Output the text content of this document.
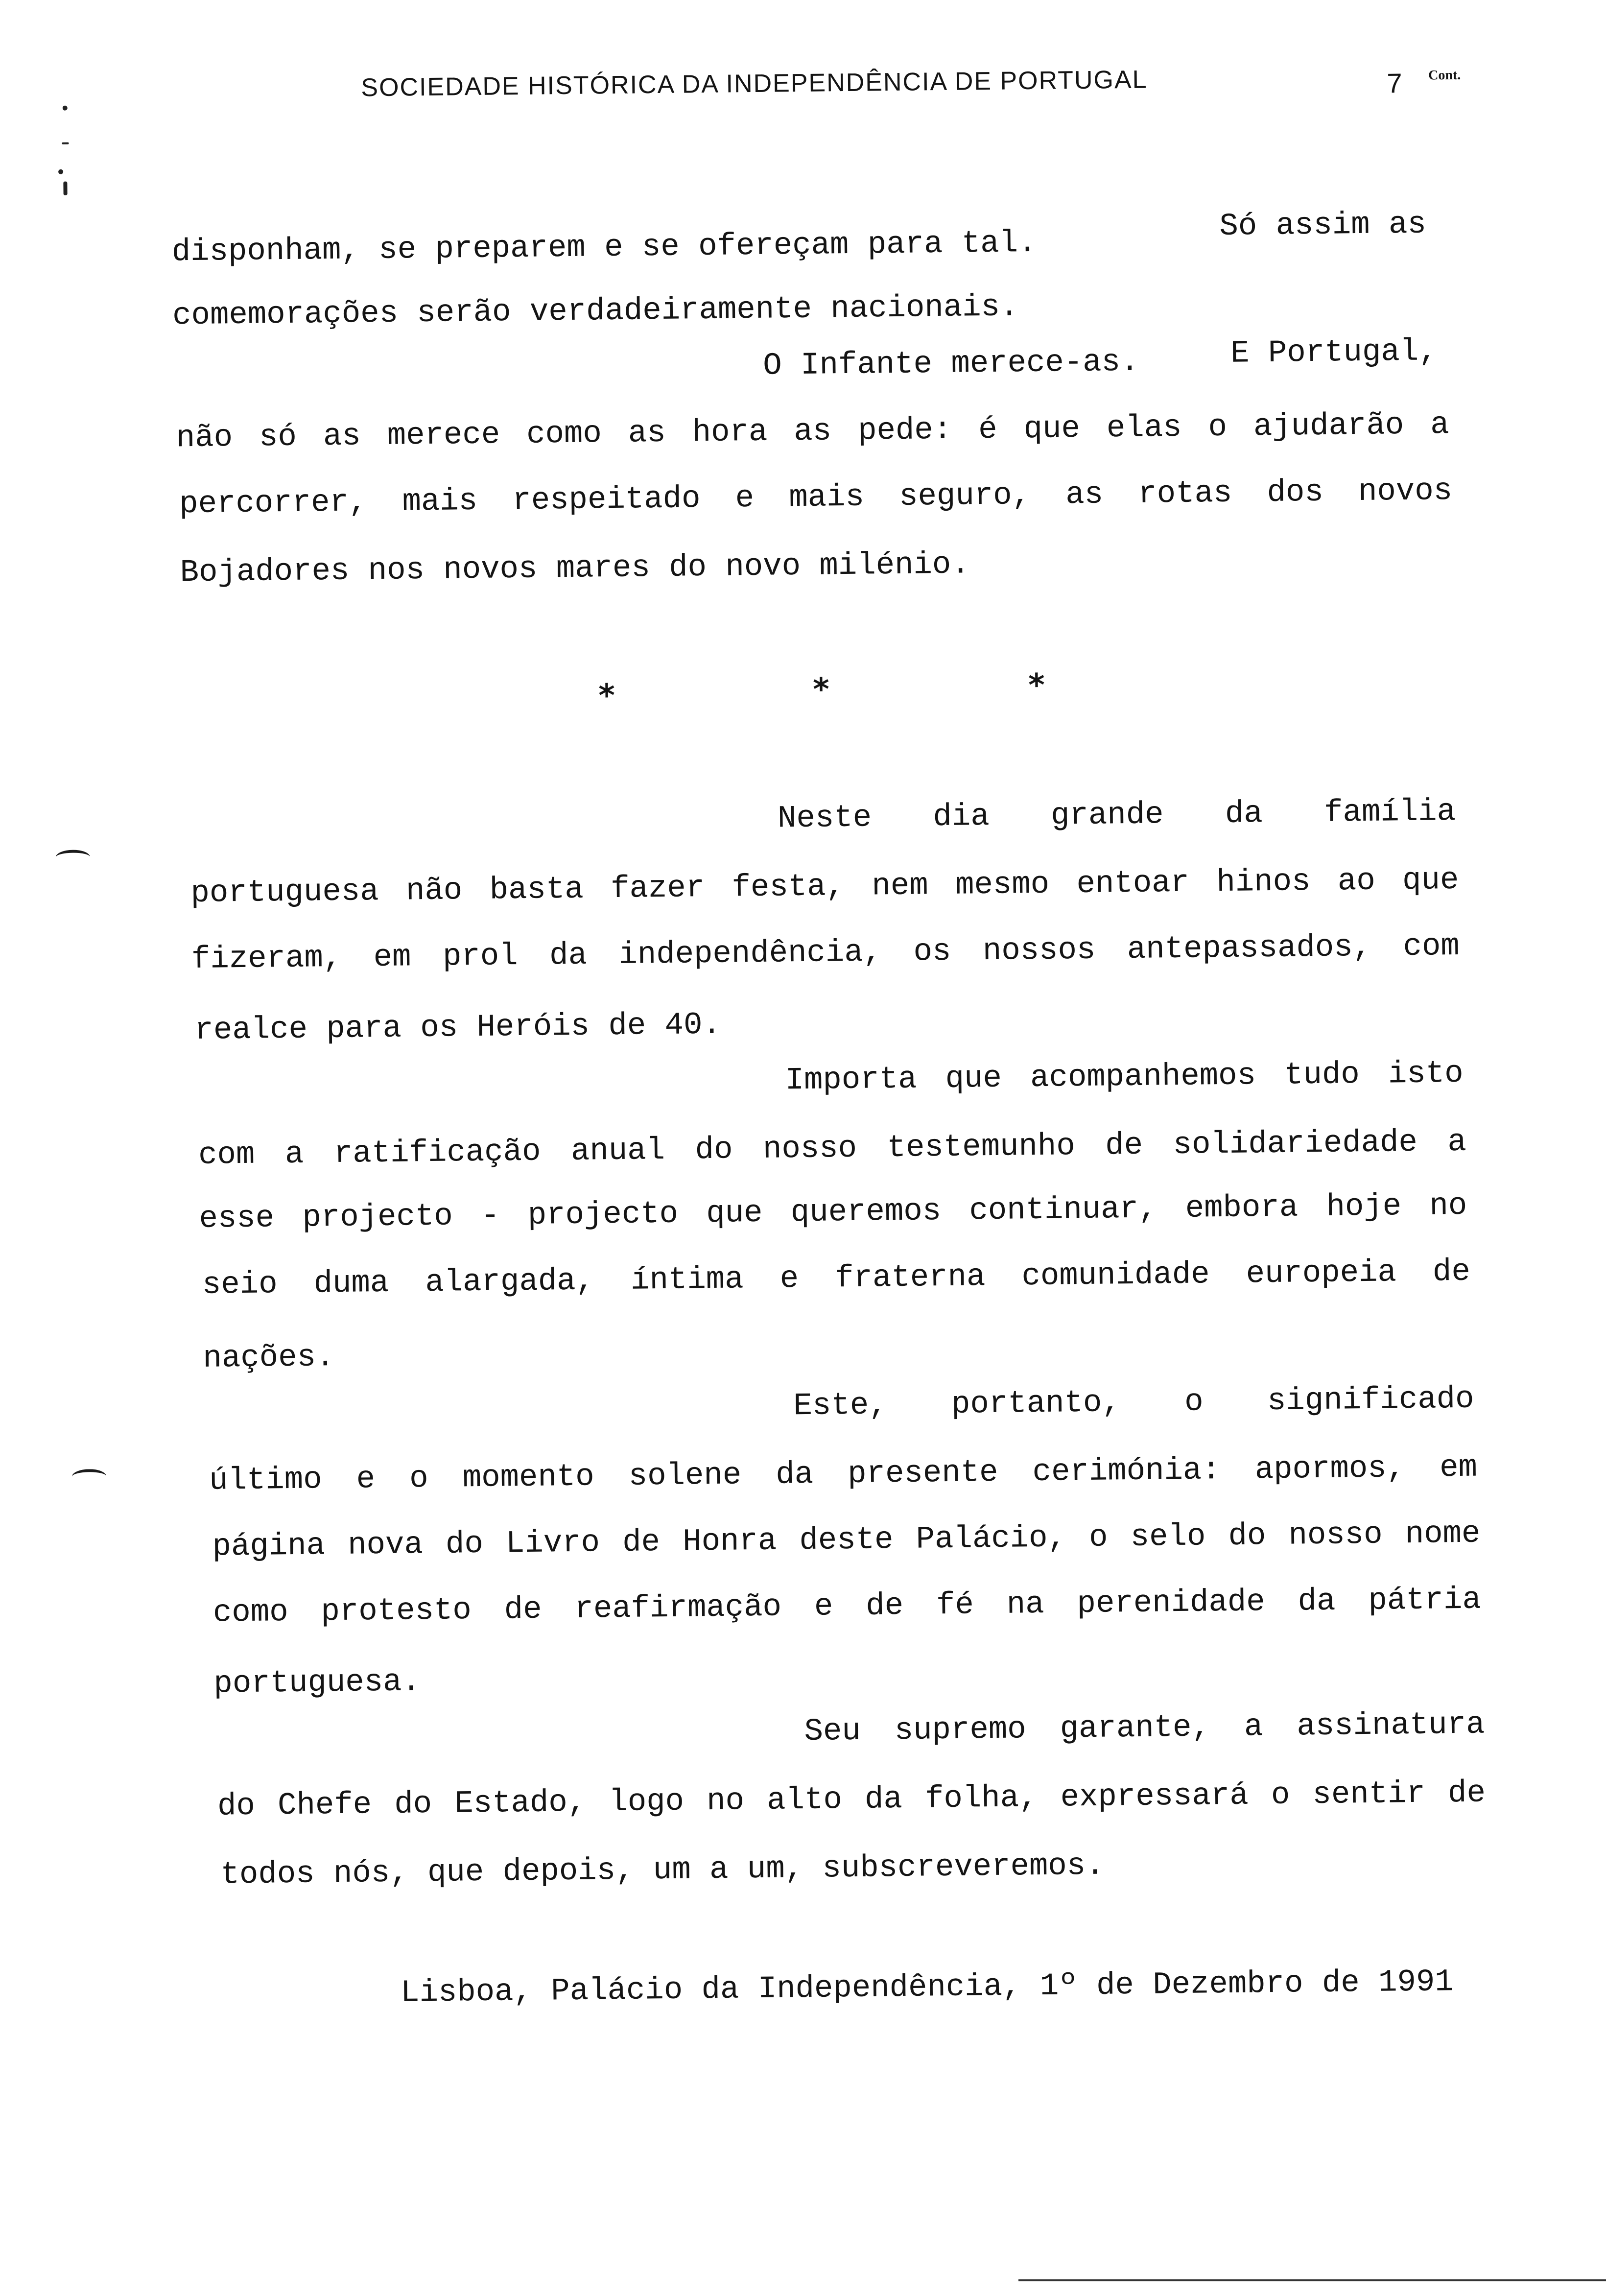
SOCIEDADE HISTÓRICA DA INDEPENDÊNCIA DE PORTUGAL	7 Cont.
disponham, se preparem e se ofereçam para tal.
Só assim as
comemorações serão verdadeiramente nacionais.
O Infante merece-as.	E Portugal,
não só as merece como as hora as pede: é que elas o ajudarão a
percorrer, mais respeitado e mais seguro, as rotas dos novos
Bojadores nos novos mares do novo milénio.
*	*	*
Neste dia grande da família
portuguesa não basta fazer festa, nem mesmo entoar hinos ao que
fizeram, em prol da independência, os nossos antepassados, com
realce para os Heróis de 40.
Importa que acompanhemos tudo isto
com a ratificação anual do nosso testemunho de solidariedade a
esse projecto - projecto que queremos continuar, embora hoje no
seio duma alargada, íntima e fraterna comunidade europeia de
nações.
Este, portanto, o significado
último e o momento solene da presente cerimónia: apormos, em
página nova do Livro de Honra deste Palácio, o selo do nosso nome
como protesto de reafirmação e de fé na perenidade da pátria
portuguesa.
Seu supremo garante, a assinatura
do Chefe do Estado, logo no alto da folha, expressará o sentir de
todos nós, que depois, um a um, subscreveremos.
Lisboa, Palácio da Independência, 1º de Dezembro de 1991
